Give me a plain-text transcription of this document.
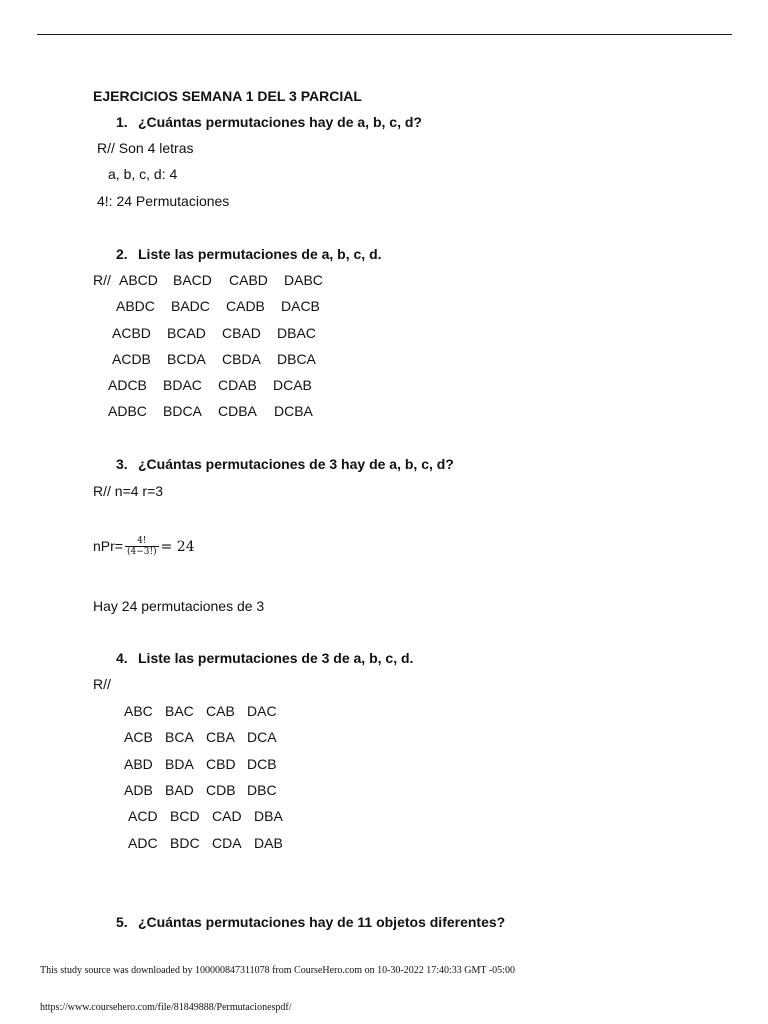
EJERCICIOS SEMANA 1 DEL 3 PARCIAL
1. ¿Cuántas permutaciones hay de a, b, c, d?
R// Son 4 letras
a, b, c, d: 4
4!: 24 Permutaciones
2. Liste las permutaciones de a, b, c, d.
R// ABCD BACD CABD DABC
ABDC BADC CADB DACB
ACBD BCAD CBAD DBAC
ACDB BCDA CBDA DBCA
ADCB BDAC CDAB DCAB
ADBC BDCA CDBA DCBA
3. ¿Cuántas permutaciones de 3 hay de a, b, c, d?
R// n=4 r=3
$nPr= \frac{4!}{(4-3!)} = 24$
Hay 24 permutaciones de 3
4. Liste las permutaciones de 3 de a, b, c, d.
R//
ABC BAC CAB DAC
ACB BCA CBA DCA
ABD BDA CBD DCB
ADB BAD CDB DBC
ACD BCD CAD DBA
ADC BDC CDA DAB
5. ¿Cuántas permutaciones hay de 11 objetos diferentes?
This study source was downloaded by 100000847311078 from CourseHero.com on 10-30-2022 17:40:33 GMT -05:00
https://www.coursehero.com/file/81849888/Permutacionespdf/
